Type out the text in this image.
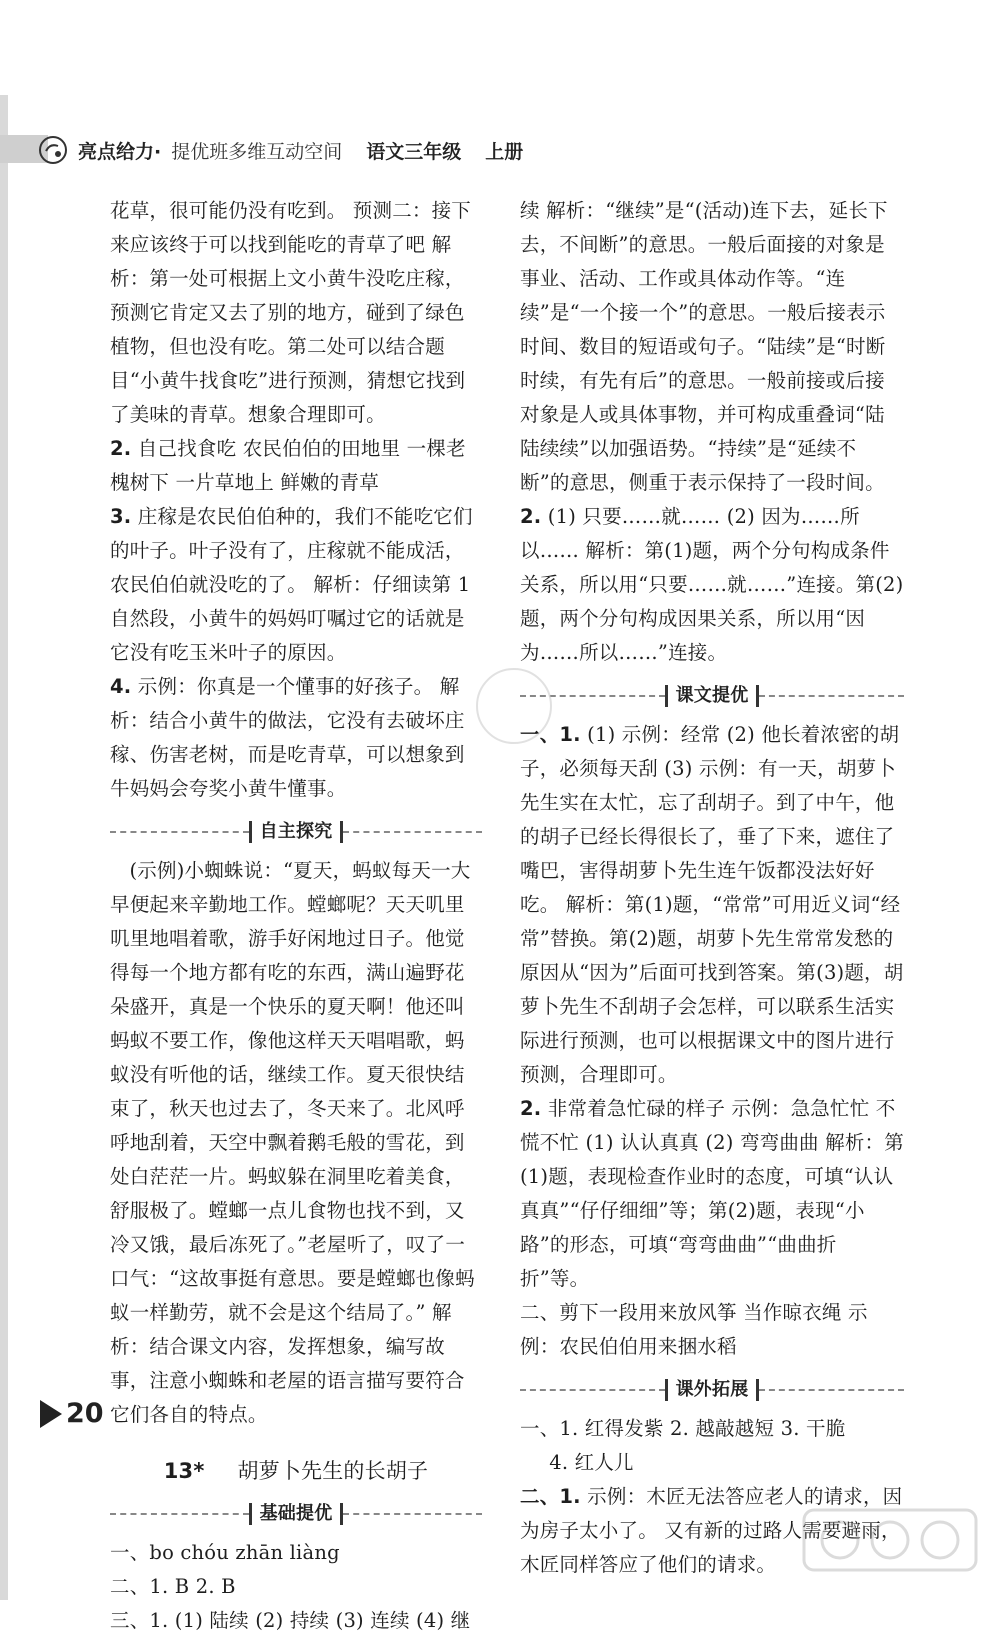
亮点给力· 提优班多维互动空间 语文三年级 上册

花草，很可能仍没有吃到。 预测二：接下来应该终于可以找到能吃的青草了吧 解析：第一处可根据上文小黄牛没吃庄稼，预测它肯定又去了别的地方，碰到了绿色植物，但也没有吃。第二处可以结合题目“小黄牛找食吃”进行预测，猜想它找到了美味的青草。想象合理即可。

2. 自己找食吃 农民伯伯的田地里 一棵老槐树下 一片草地上 鲜嫩的青草

3. 庄稼是农民伯伯种的，我们不能吃它们的叶子。叶子没有了，庄稼就不能成活，农民伯伯就没吃的了。 解析：仔细读第 1 自然段，小黄牛的妈妈叮嘱过它的话就是它没有吃玉米叶子的原因。

4. 示例：你真是一个懂事的好孩子。 解析：结合小黄牛的做法，它没有去破坏庄稼、伤害老树，而是吃青草，可以想象到牛妈妈会夸奖小黄牛懂事。

自主探究

(示例)小蜘蛛说：“夏天，蚂蚁每天一大早便起来辛勤地工作。螳螂呢？天天叽里叽里地唱着歌，游手好闲地过日子。他觉得每一个地方都有吃的东西，满山遍野花朵盛开，真是一个快乐的夏天啊！他还叫蚂蚁不要工作，像他这样天天唱唱歌，蚂蚁没有听他的话，继续工作。夏天很快结束了，秋天也过去了，冬天来了。北风呼呼地刮着，天空中飘着鹅毛般的雪花，到处白茫茫一片。蚂蚁躲在洞里吃着美食，舒服极了。螳螂一点儿食物也找不到，又冷又饿，最后冻死了。”老屋听了，叹了一口气：“这故事挺有意思。要是螳螂也像蚂蚁一样勤劳，就不会是这个结局了。” 解析：结合课文内容，发挥想象，编写故事，注意小蜘蛛和老屋的语言描写要符合它们各自的特点。

13* 胡萝卜先生的长胡子
基础提优

一、bo chóu zhān liàng

二、1. B 2. B

三、1. (1) 陆续 (2) 持续 (3) 连续 (4) 继

续 解析：“继续”是“(活动)连下去，延长下去，不间断”的意思。一般后面接的对象是事业、活动、工作或具体动作等。“连续”是“一个接一个”的意思。一般后接表示时间、数目的短语或句子。“陆续”是“时断时续，有先有后”的意思。一般前接或后接对象是人或具体事物，并可构成重叠词“陆陆续续”以加强语势。“持续”是“延续不断”的意思，侧重于表示保持了一段时间。

2. (1) 只要……就…… (2) 因为……所以…… 解析：第(1)题，两个分句构成条件关系，所以用“只要……就……”连接。第(2)题，两个分句构成因果关系，所以用“因为……所以……”连接。

课文提优

一、1. (1) 示例：经常 (2) 他长着浓密的胡子，必须每天刮 (3) 示例：有一天，胡萝卜先生实在太忙，忘了刮胡子。到了中午，他的胡子已经长得很长了，垂了下来，遮住了嘴巴，害得胡萝卜先生连午饭都没法好好吃。 解析：第(1)题，“常常”可用近义词“经常”替换。第(2)题，胡萝卜先生常常发愁的原因从“因为”后面可找到答案。第(3)题，胡萝卜先生不刮胡子会怎样，可以联系生活实际进行预测，也可以根据课文中的图片进行预测，合理即可。

2. 非常着急忙碌的样子 示例：急急忙忙 不慌不忙 (1) 认认真真 (2) 弯弯曲曲 解析：第(1)题，表现检查作业时的态度，可填“认认真真”“仔仔细细”等；第(2)题，表现“小路”的形态，可填“弯弯曲曲”“曲曲折折”等。

二、剪下一段用来放风筝 当作晾衣绳 示例：农民伯伯用来捆水稻

课外拓展

一、1. 红得发紫 2. 越敲越短 3. 干脆

4. 红人儿

二、1. 示例：木匠无法答应老人的请求，因为房子太小了。 又有新的过路人需要避雨，木匠同样答应了他们的请求。

20
